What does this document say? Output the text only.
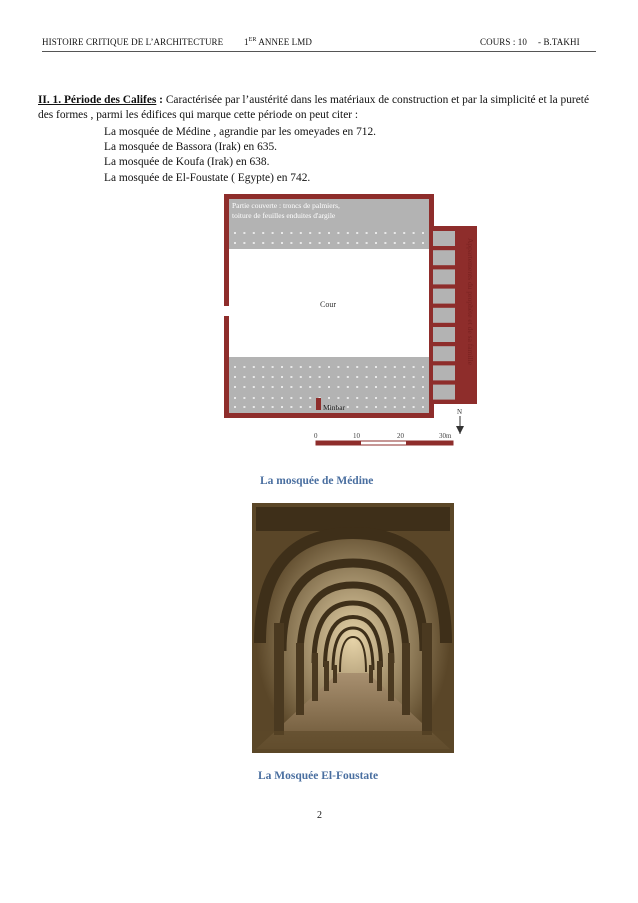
HISTOIRE CRITIQUE DE L’ARCHITECTURE 1ER ANNEE LMD	COURS : 10 - B.TAKHI
II. 1. Période des Califes : Caractérisée par l’austérité dans les matériaux de construction et par la simplicité et la pureté des formes , parmi les édifices qui marque cette période on peut citer :
La mosquée de Médine , agrandie par les omeyades en 712.
La mosquée de Bassora (Irak) en 635.
La mosquée de Koufa (Irak) en 638.
La mosquée de El-Foustate ( Egypte) en 742.
Partie couverte : troncs de palmiers,
toiture de feuilles enduites d'argile
Cour
Minbar
Appartements du prophète et de sa famille
N
0	10	20	30m
La mosquée de Médine
La Mosquée El-Foustate
2
